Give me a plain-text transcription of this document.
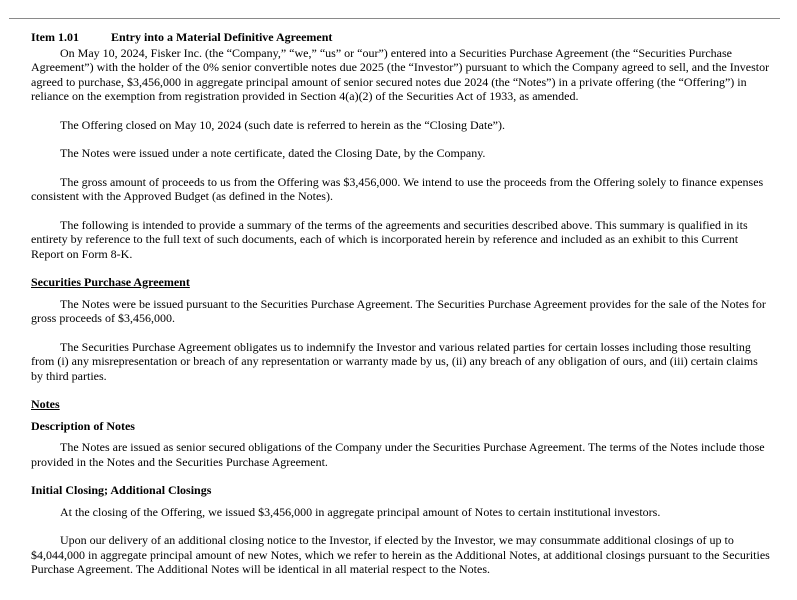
Item 1.01	Entry into a Material Definitive Agreement

On May 10, 2024, Fisker Inc. (the “Company,” “we,” “us” or “our”) entered into a Securities Purchase Agreement (the “Securities Purchase Agreement”) with the holder of the 0% senior convertible notes due 2025 (the “Investor”) pursuant to which the Company agreed to sell, and the Investor agreed to purchase, $3,456,000 in aggregate principal amount of senior secured notes due 2024 (the “Notes”) in a private offering (the “Offering”) in reliance on the exemption from registration provided in Section 4(a)(2) of the Securities Act of 1933, as amended.

The Offering closed on May 10, 2024 (such date is referred to herein as the “Closing Date”).

The Notes were issued under a note certificate, dated the Closing Date, by the Company.

The gross amount of proceeds to us from the Offering was $3,456,000. We intend to use the proceeds from the Offering solely to finance expenses consistent with the Approved Budget (as defined in the Notes).

The following is intended to provide a summary of the terms of the agreements and securities described above. This summary is qualified in its entirety by reference to the full text of such documents, each of which is incorporated herein by reference and included as an exhibit to this Current Report on Form 8-K.

Securities Purchase Agreement

The Notes were be issued pursuant to the Securities Purchase Agreement. The Securities Purchase Agreement provides for the sale of the Notes for gross proceeds of $3,456,000.

The Securities Purchase Agreement obligates us to indemnify the Investor and various related parties for certain losses including those resulting from (i) any misrepresentation or breach of any representation or warranty made by us, (ii) any breach of any obligation of ours, and (iii) certain claims by third parties.

Notes
Description of Notes

The Notes are issued as senior secured obligations of the Company under the Securities Purchase Agreement. The terms of the Notes include those provided in the Notes and the Securities Purchase Agreement.

Initial Closing; Additional Closings

At the closing of the Offering, we issued $3,456,000 in aggregate principal amount of Notes to certain institutional investors.

Upon our delivery of an additional closing notice to the Investor, if elected by the Investor, we may consummate additional closings of up to $4,044,000 in aggregate principal amount of new Notes, which we refer to herein as the Additional Notes, at additional closings pursuant to the Securities Purchase Agreement. The Additional Notes will be identical in all material respect to the Notes.
